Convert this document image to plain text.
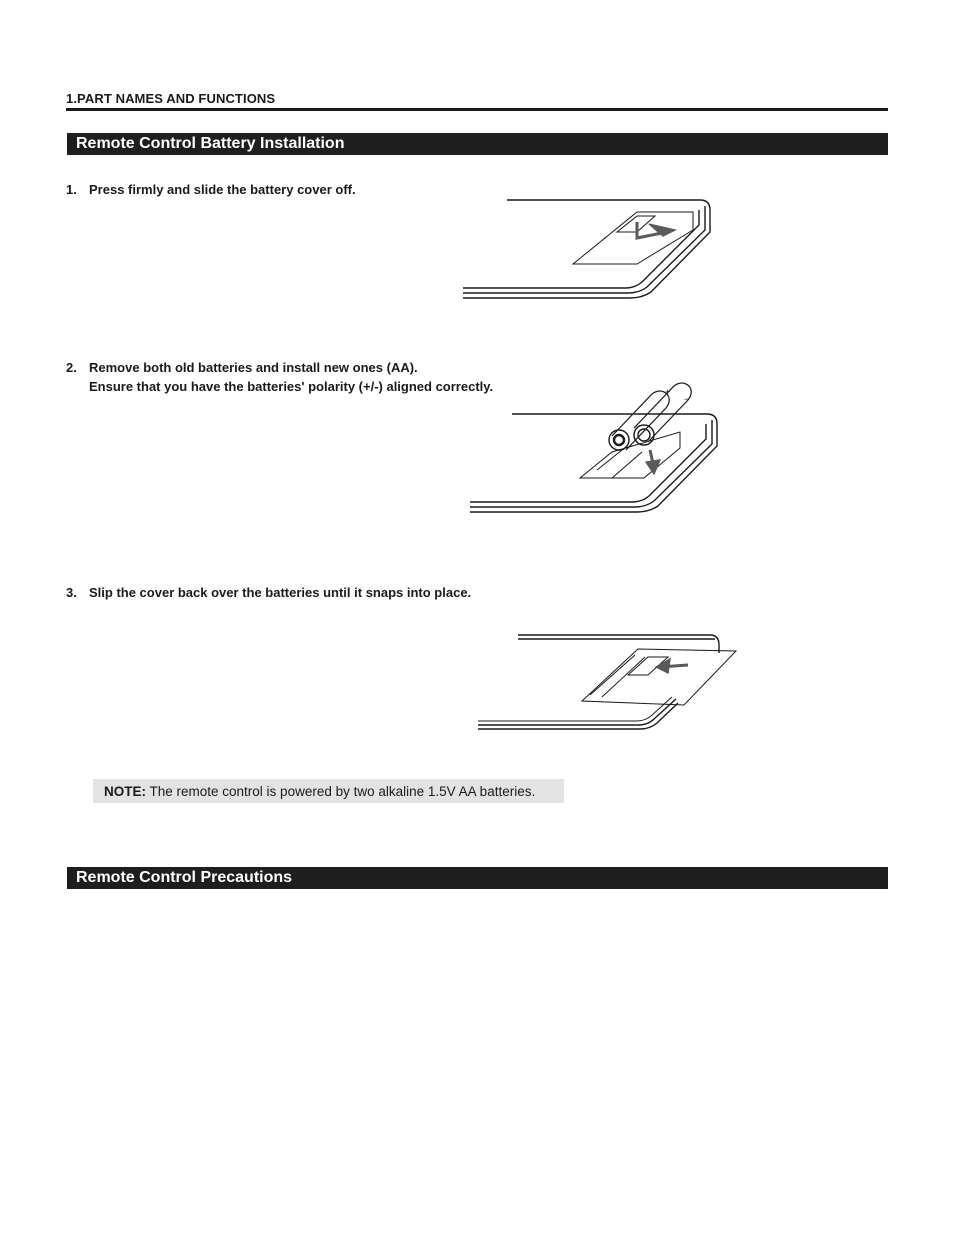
1.PART NAMES AND FUNCTIONS
Remote Control Battery Installation
1. Press firmly and slide the battery cover off.
2. Remove both old batteries and install new ones (AA).
Ensure that you have the batteries' polarity (+/-) aligned correctly.	+
−
3. Slip the cover back over the batteries until it snaps into place.
NOTE: The remote control is powered by two alkaline 1.5V AA batteries.
Remote Control Precautions
